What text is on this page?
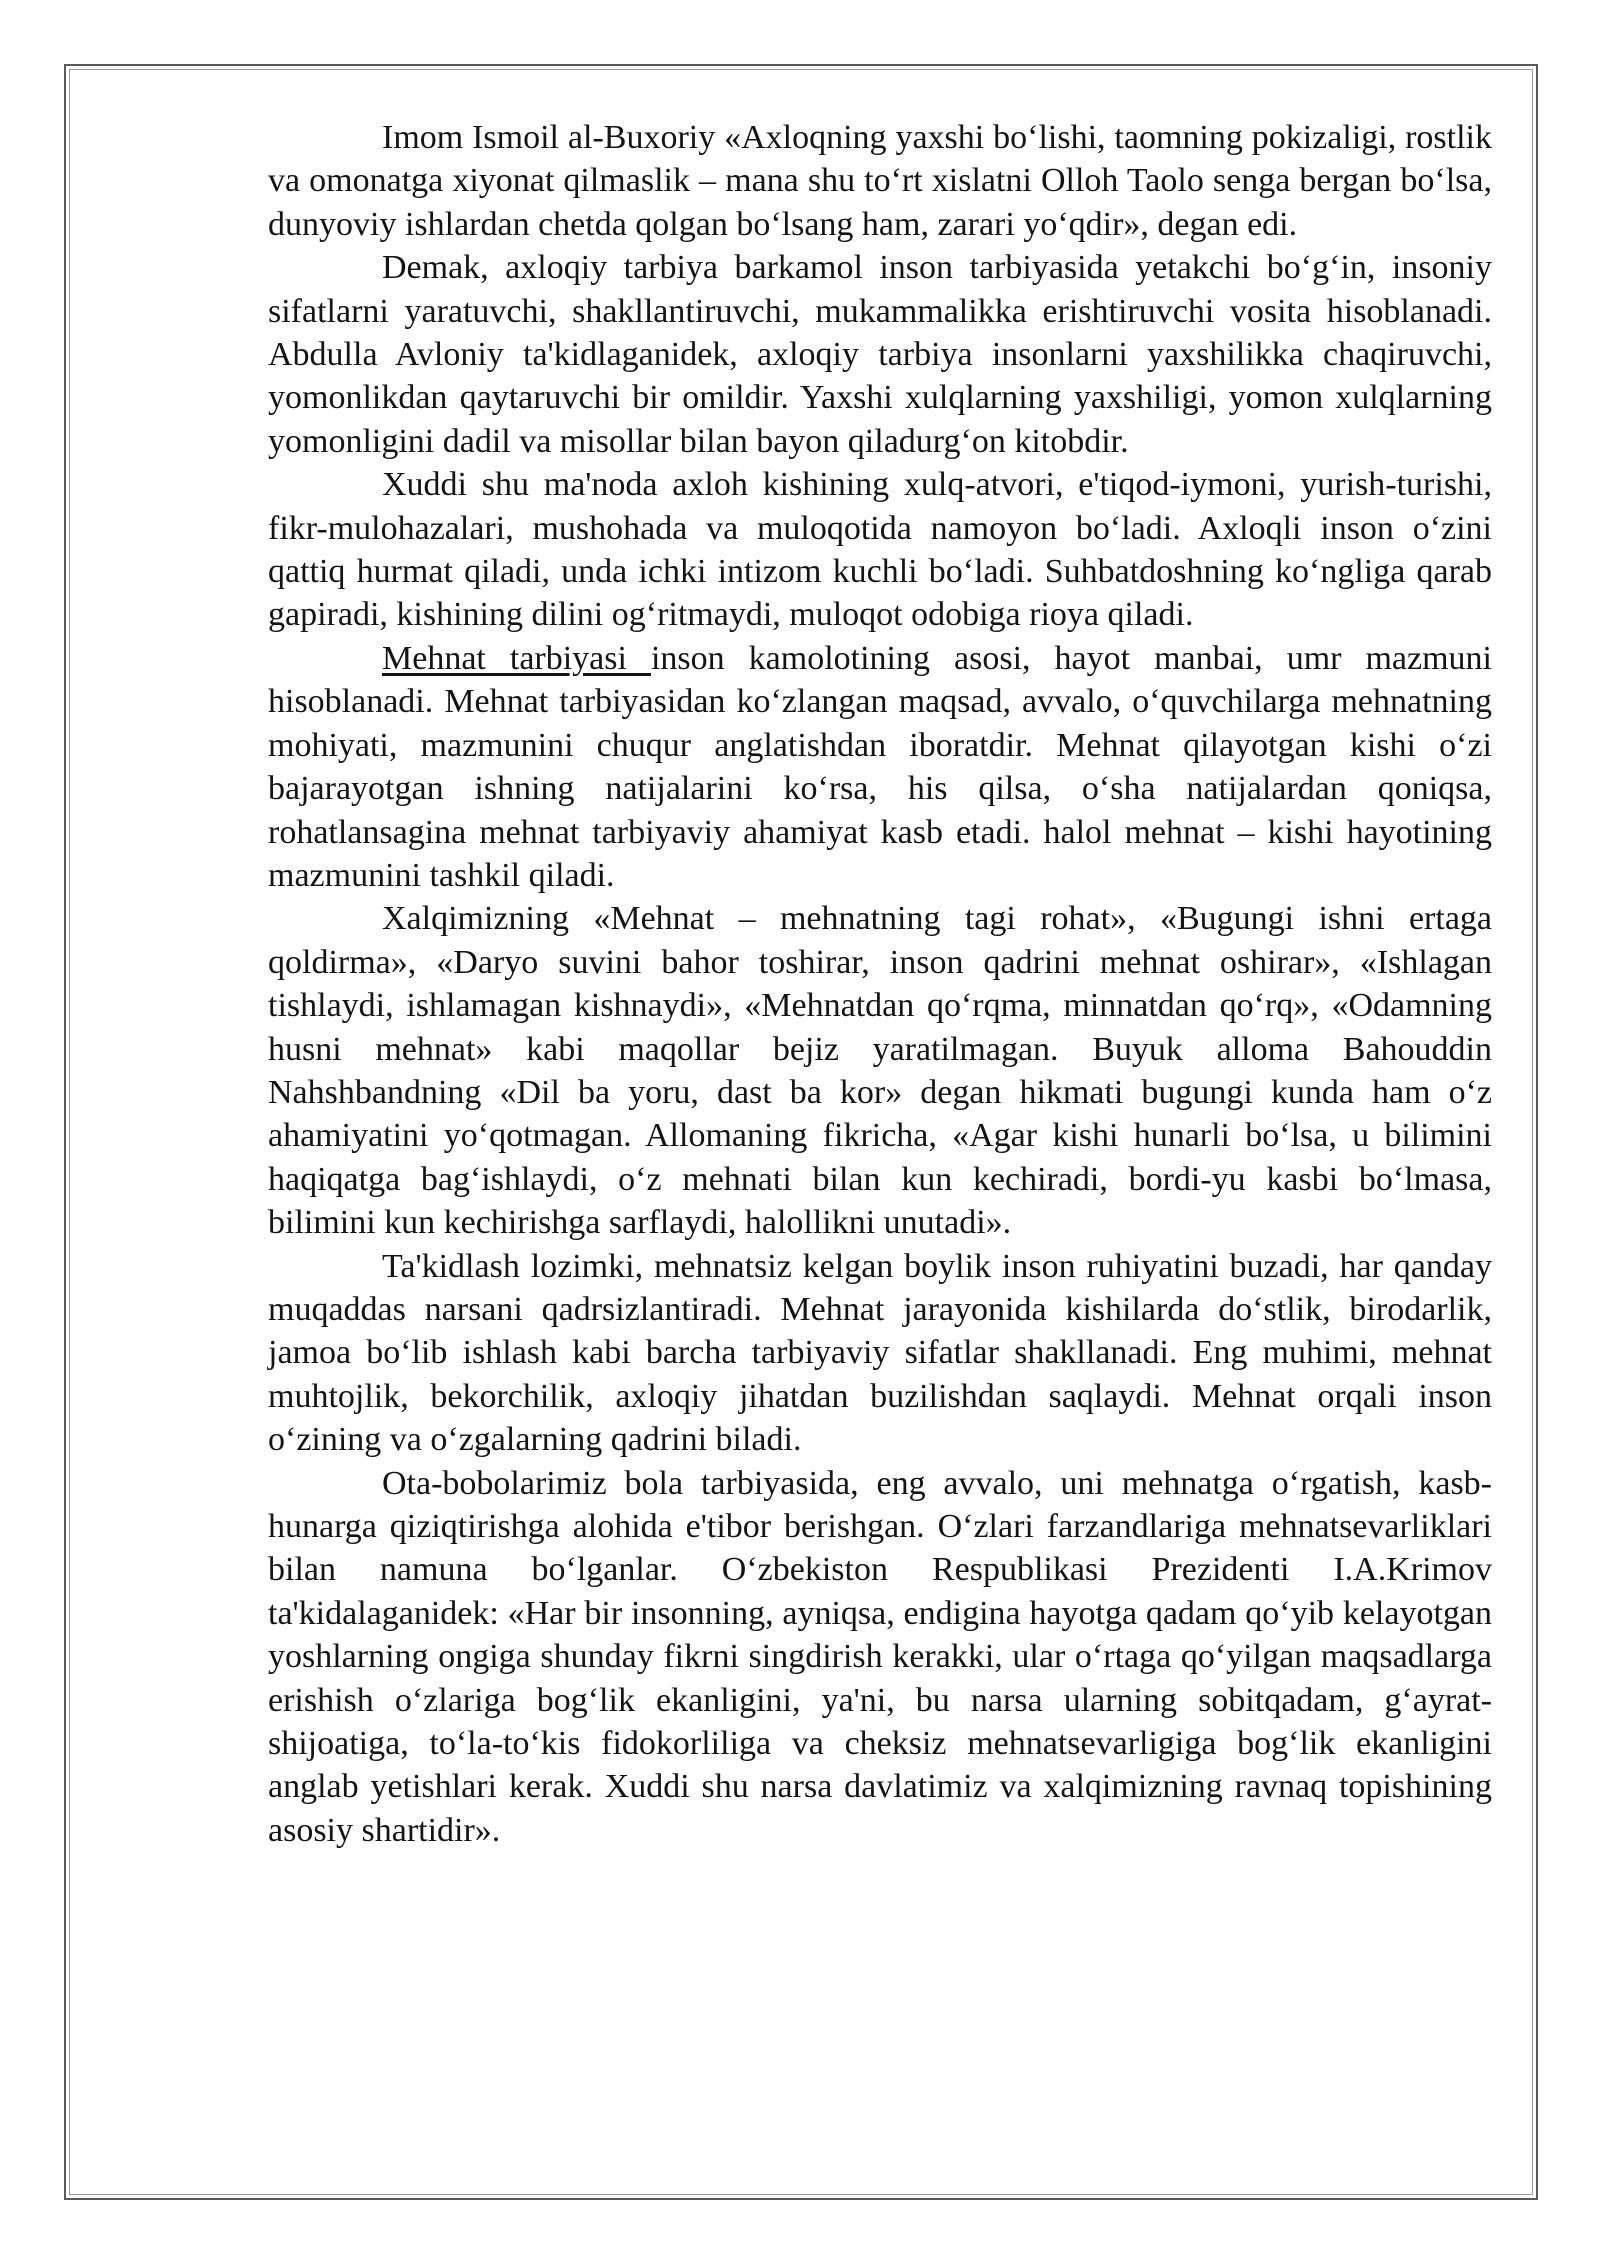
Imom Ismoil al-Buxoriy «Axloqning yaxshi bo‘lishi, taomning pokizaligi, rostlik va omonatga xiyonat qilmaslik – mana shu to‘rt xislatni Olloh Taolo senga bergan bo‘lsa, dunyoviy ishlardan chetda qolgan bo‘lsang ham, zarari yo‘qdir», degan edi.

Demak, axloqiy tarbiya barkamol inson tarbiyasida yetakchi bo‘g‘in, insoniy sifatlarni yaratuvchi, shakllantiruvchi, mukammalikka erishtiruvchi vosita hisoblanadi. Abdulla Avloniy ta'kidlaganidek, axloqiy tarbiya insonlarni yaxshilikka chaqiruvchi, yomonlikdan qaytaruvchi bir omildir. Yaxshi xulqlarning yaxshiligi, yomon xulqlarning yomonligini dadil va misollar bilan bayon qiladurg‘on kitobdir.

Xuddi shu ma'noda axloh kishining xulq-atvori, e'tiqod-iymoni, yurish-turishi, fikr-mulohazalari, mushohada va muloqotida namoyon bo‘ladi. Axloqli inson o‘zini qattiq hurmat qiladi, unda ichki intizom kuchli bo‘ladi. Suhbatdoshning ko‘ngliga qarab gapiradi, kishining dilini og‘ritmaydi, muloqot odobiga rioya qiladi.

Mehnat tarbiyasi inson kamolotining asosi, hayot manbai, umr mazmuni hisoblanadi. Mehnat tarbiyasidan ko‘zlangan maqsad, avvalo, o‘quvchilarga mehnatning mohiyati, mazmunini chuqur anglatishdan iboratdir. Mehnat qilayotgan kishi o‘zi bajarayotgan ishning natijalarini ko‘rsa, his qilsa, o‘sha natijalardan qoniqsa, rohatlansagina mehnat tarbiyaviy ahamiyat kasb etadi. halol mehnat – kishi hayotining mazmunini tashkil qiladi.

Xalqimizning «Mehnat – mehnatning tagi rohat», «Bugungi ishni ertaga qoldirma», «Daryo suvini bahor toshirar, inson qadrini mehnat oshirar», «Ishlagan tishlaydi, ishlamagan kishnaydi», «Mehnatdan qo‘rqma, minnatdan qo‘rq», «Odamning husni mehnat» kabi maqollar bejiz yaratilmagan. Buyuk alloma Bahouddin Nahshbandning «Dil ba yoru, dast ba kor» degan hikmati bugungi kunda ham o‘z ahamiyatini yo‘qotmagan. Allomaning fikricha, «Agar kishi hunarli bo‘lsa, u bilimini haqiqatga bag‘ishlaydi, o‘z mehnati bilan kun kechiradi, bordi-yu kasbi bo‘lmasa, bilimini kun kechirishga sarflaydi, halollikni unutadi».

Ta'kidlash lozimki, mehnatsiz kelgan boylik inson ruhiyatini buzadi, har qanday muqaddas narsani qadrsizlantiradi. Mehnat jarayonida kishilarda do‘stlik, birodarlik, jamoa bo‘lib ishlash kabi barcha tarbiyaviy sifatlar shakllanadi. Eng muhimi, mehnat muhtojlik, bekorchilik, axloqiy jihatdan buzilishdan saqlaydi. Mehnat orqali inson o‘zining va o‘zgalarning qadrini biladi.

Ota-bobolarimiz bola tarbiyasida, eng avvalo, uni mehnatga o‘rgatish, kasb-hunarga qiziqtirishga alohida e'tibor berishgan. O‘zlari farzandlariga mehnatsevarliklari bilan namuna bo‘lganlar. O‘zbekiston Respublikasi Prezidenti I.A.Krimov ta'kidalaganidek: «Har bir insonning, ayniqsa, endigina hayotga qadam qo‘yib kelayotgan yoshlarning ongiga shunday fikrni singdirish kerakki, ular o‘rtaga qo‘yilgan maqsadlarga erishish o‘zlariga bog‘lik ekanligini, ya'ni, bu narsa ularning sobitqadam, g‘ayrat-shijoatiga, to‘la-to‘kis fidokorliliga va cheksiz mehnatsevarligiga bog‘lik ekanligini anglab yetishlari kerak. Xuddi shu narsa davlatimiz va xalqimizning ravnaq topishining asosiy shartidir».
